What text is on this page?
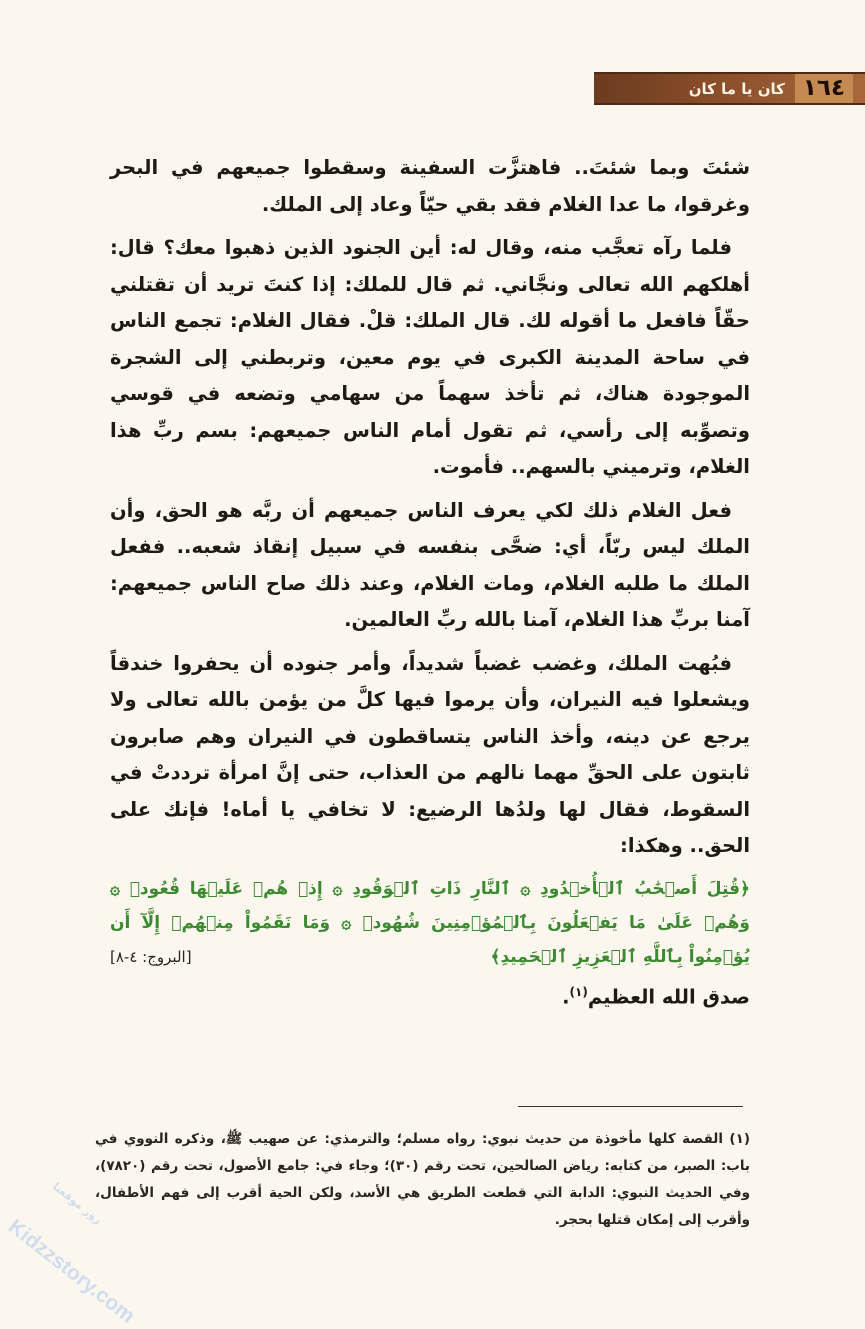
١٦٤
كان يا ما كان

شئتَ وبما شئتَ.. فاهتزَّت السفينة وسقطوا جميعهم في البحر وغرقوا، ما عدا الغلام فقد بقي حيّاً وعاد إلى الملك.

فلما رآه تعجَّب منه، وقال له: أين الجنود الذين ذهبوا معك؟ قال: أهلكهم الله تعالى ونجَّاني. ثم قال للملك: إذا كنتَ تريد أن تقتلني حقّاً فافعل ما أقوله لك. قال الملك: قلْ. فقال الغلام: تجمع الناس في ساحة المدينة الكبرى في يوم معين، وتربطني إلى الشجرة الموجودة هناك، ثم تأخذ سهماً من سهامي وتضعه في قوسي وتصوِّبه إلى رأسي، ثم تقول أمام الناس جميعهم: بسم ربِّ هذا الغلام، وترميني بالسهم.. فأموت.

فعل الغلام ذلك لكي يعرف الناس جميعهم أن ربَّه هو الحق، وأن الملك ليس ربّاً، أي: ضحَّى بنفسه في سبيل إنقاذ شعبه.. ففعل الملك ما طلبه الغلام، ومات الغلام، وعند ذلك صاح الناس جميعهم: آمنا بربِّ هذا الغلام، آمنا بالله ربِّ العالمين.

فبُهت الملك، وغضب غضباً شديداً، وأمر جنوده أن يحفروا خندقاً ويشعلوا فيه النيران، وأن يرموا فيها كلَّ من يؤمن بالله تعالى ولا يرجع عن دينه، وأخذ الناس يتساقطون في النيران وهم صابرون ثابتون على الحقِّ مهما نالهم من العذاب، حتى إنَّ امرأة ترددتْ في السقوط، فقال لها ولدُها الرضيع: لا تخافي يا أماه! فإنك على الحق.. وهكذا:

﴿قُتِلَ أَصۡحَٰبُ ٱلۡأُخۡدُودِ ۞ ٱلنَّارِ ذَاتِ ٱلۡوَقُودِ ۞ إِذۡ هُمۡ عَلَيۡهَا قُعُودٞ ۞ وَهُمۡ عَلَىٰ مَا يَفۡعَلُونَ بِٱلۡمُؤۡمِنِينَ شُهُودٞ ۞ وَمَا نَقَمُواْ مِنۡهُمۡ إِلَّآ أَن يُؤۡمِنُواْ بِٱللَّهِ ٱلۡعَزِيزِ ٱلۡحَمِيدِ﴾
[البروج: ٤-٨]

صدق الله العظيم$^{(١)}$.

(١) القصة كلها مأخوذة من حديث نبوي: رواه مسلم؛ والترمذي: عن صهيب ﷺ، وذكره النووي في باب: الصبر، من كتابه: رياض الصالحين، تحت رقم (٣٠)؛ وجاء في: جامع الأصول، تحت رقم (٧٨٢٠)، وفي الحديث النبوي: الدابة التي قطعت الطريق هي الأسد، ولكن الحية أقرب إلى فهم الأطفال، وأقرب إلى إمكان قتلها بحجر.
Kidzzstory.com
زور موقعنا
